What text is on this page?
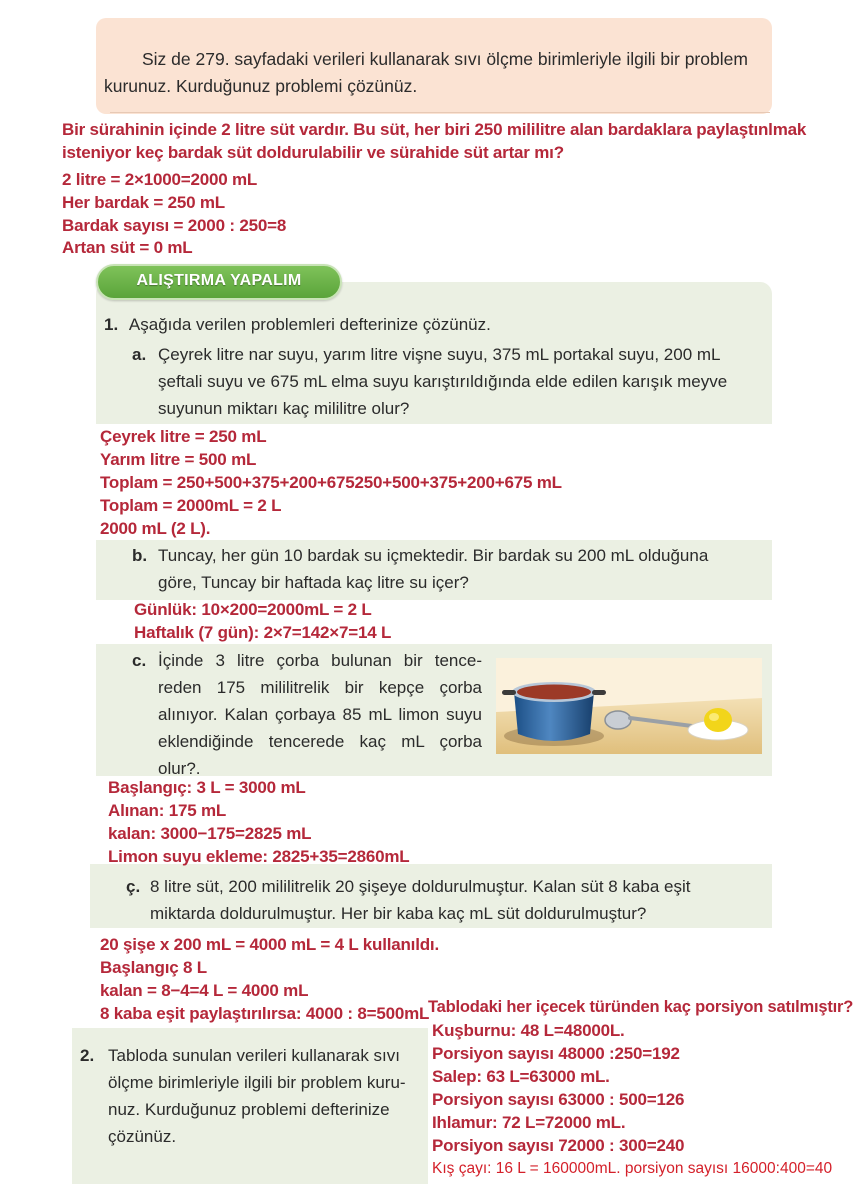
Siz de 279. sayfadaki verileri kullanarak sıvı ölçme birimleriyle ilgili bir problem kurunuz. Kurduğunuz problemi çözünüz.
Bir sürahinin içinde 2 litre süt vardır. Bu süt, her biri 250 mililitre alan bardaklara paylaştınlmak
isteniyor keç bardak süt doldurulabilir ve sürahide süt artar mı?
2 litre = 2×1000=2000 mL
Her bardak = 250 mL
Bardak sayısı = 2000 : 250=8
Artan süt = 0 mL
ALIŞTIRMA YAPALIM
1. Aşağıda verilen problemleri defterinize çözünüz.
a. Çeyrek litre nar suyu, yarım litre vişne suyu, 375 mL portakal suyu, 200 mL
şeftali suyu ve 675 mL elma suyu karıştırıldığında elde edilen karışık meyve
suyunun miktarı kaç mililitre olur?
Çeyrek litre = 250 mL
Yarım litre = 500 mL
Toplam = 250+500+375+200+675250+500+375+200+675 mL
Toplam = 2000mL = 2 L
2000 mL (2 L).
b. Tuncay, her gün 10 bardak su içmektedir. Bir bardak su 200 mL olduğuna
göre, Tuncay bir haftada kaç litre su içer?
Günlük: 10×200=2000mL = 2 L
Haftalık (7 gün): 2×7=142×7=14 L
c. İçinde 3 litre çorba bulunan bir tence-
reden 175 mililitrelik bir kepçe çorba
alınıyor. Kalan çorbaya 85 mL limon suyu
eklendiğinde tencerede kaç mL çorba
olur?.
Başlangıç: 3 L = 3000 mL
Alınan: 175 mL
kalan: 3000−175=2825 mL
Limon suyu ekleme: 2825+35=2860mL
ç. 8 litre süt, 200 mililitrelik 20 şişeye doldurulmuştur. Kalan süt 8 kaba eşit
miktarda doldurulmuştur. Her bir kaba kaç mL süt doldurulmuştur?
20 şişe x 200 mL = 4000 mL = 4 L kullanıldı.
Başlangıç 8 L
kalan = 8−4=4 L = 4000 mL
8 kaba eşit paylaştırılırsa: 4000 : 8=500mL
2. Tabloda sunulan verileri kullanarak sıvı
ölçme birimleriyle ilgili bir problem kuru-
nuz. Kurduğunuz problemi defterinize
çözünüz.
Tablodaki her içecek türünden kaç porsiyon satılmıştır?
Kuşburnu: 48 L=48000L.
Porsiyon sayısı 48000 :250=192
Salep: 63 L=63000 mL.
Porsiyon sayısı 63000 : 500=126
Ihlamur: 72 L=72000 mL.
Porsiyon sayısı 72000 : 300=240
Kış çayı: 16 L = 160000mL. porsiyon sayısı 16000:400=40
